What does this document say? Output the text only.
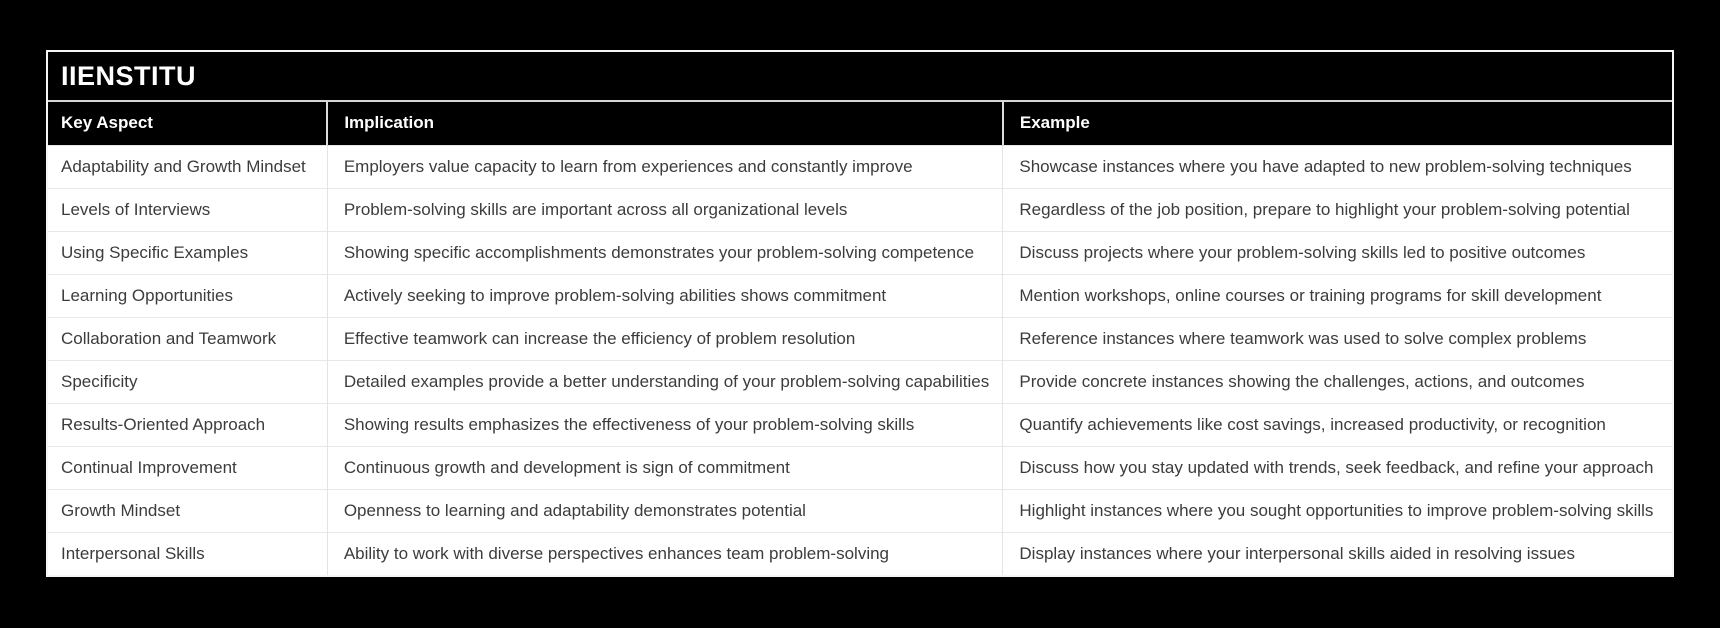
IIENSTITU
Key Aspect	Implication	Example
Adaptability and Growth Mindset	Employers value capacity to learn from experiences and constantly improve	Showcase instances where you have adapted to new problem-solving techniques
Levels of Interviews	Problem-solving skills are important across all organizational levels	Regardless of the job position, prepare to highlight your problem-solving potential
Using Specific Examples	Showing specific accomplishments demonstrates your problem-solving competence	Discuss projects where your problem-solving skills led to positive outcomes
Learning Opportunities	Actively seeking to improve problem-solving abilities shows commitment	Mention workshops, online courses or training programs for skill development
Collaboration and Teamwork	Effective teamwork can increase the efficiency of problem resolution	Reference instances where teamwork was used to solve complex problems
Specificity	Detailed examples provide a better understanding of your problem-solving capabilities	Provide concrete instances showing the challenges, actions, and outcomes
Results-Oriented Approach	Showing results emphasizes the effectiveness of your problem-solving skills	Quantify achievements like cost savings, increased productivity, or recognition
Continual Improvement	Continuous growth and development is sign of commitment	Discuss how you stay updated with trends, seek feedback, and refine your approach
Growth Mindset	Openness to learning and adaptability demonstrates potential	Highlight instances where you sought opportunities to improve problem-solving skills
Interpersonal Skills	Ability to work with diverse perspectives enhances team problem-solving	Display instances where your interpersonal skills aided in resolving issues
